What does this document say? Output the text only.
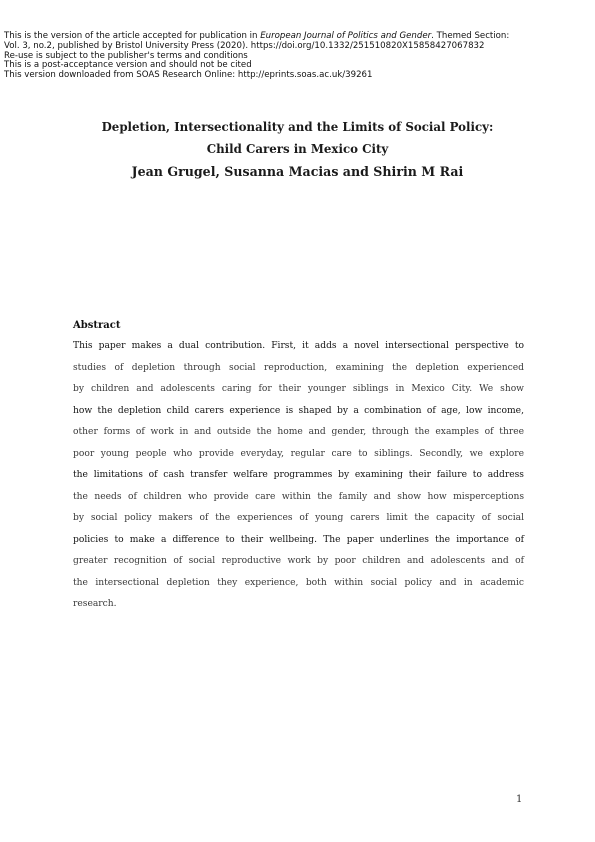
This is the version of the article accepted for publication in European Journal of Politics and Gender. Themed Section:
Vol. 3, no.2, published by Bristol University Press (2020). https://doi.org/10.1332/251510820X15858427067832
Re-use is subject to the publisher's terms and conditions
This is a post-acceptance version and should not be cited
This version downloaded from SOAS Research Online: http://eprints.soas.ac.uk/39261
Depletion, Intersectionality and the Limits of Social Policy:
Child Carers in Mexico City
Jean Grugel, Susanna Macias and Shirin M Rai
Abstract
This paper makes a dual contribution. First, it adds a novel intersectional perspective to
studies of depletion through social reproduction, examining the depletion experienced
by children and adolescents caring for their younger siblings in Mexico City. We show
how the depletion child carers experience is shaped by a combination of age, low income,
other forms of work in and outside the home and gender, through the examples of three
poor young people who provide everyday, regular care to siblings. Secondly, we explore
the limitations of cash transfer welfare programmes by examining their failure to address
the needs of children who provide care within the family and show how misperceptions
by social policy makers of the experiences of young carers limit the capacity of social
policies to make a difference to their wellbeing. The paper underlines the importance of
greater recognition of social reproductive work by poor children and adolescents and of
the intersectional depletion they experience, both within social policy and in academic
research.
1
